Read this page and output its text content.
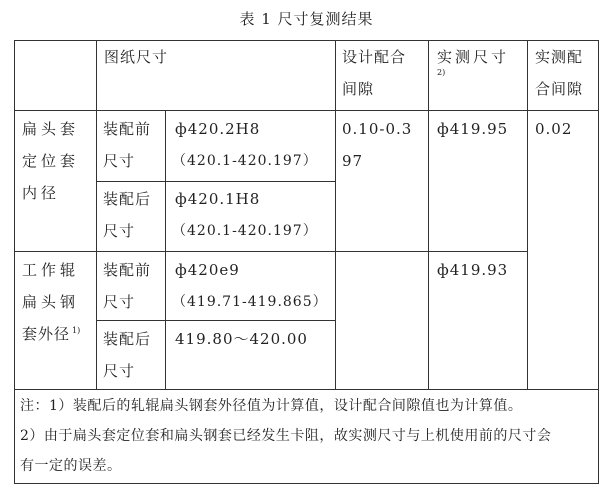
表 1 尺寸复测结果
图纸尺寸	设计配合
间隙
实测尺寸
2)
实测配
合间隙
扁头套
定位套
内径
装配前
尺寸
ф420.2H8
（420.1-420.197）
装配后
尺寸
ф420.1H8
（420.1-420.197）
0.10-0.3
97
ф419.95 0.02
工作辊
扁头钢
套外径 $^{1)}$
装配前
尺寸
ф420e9
（419.71-419.865）
装配后
尺寸
419.80～420.00
ф419.93
注：1）装配后的轧辊扁头钢套外径值为计算值，设计配合间隙值也为计算值。
2）由于扁头套定位套和扁头钢套已经发生卡阻，故实测尺寸与上机使用前的尺寸会
有一定的误差。
